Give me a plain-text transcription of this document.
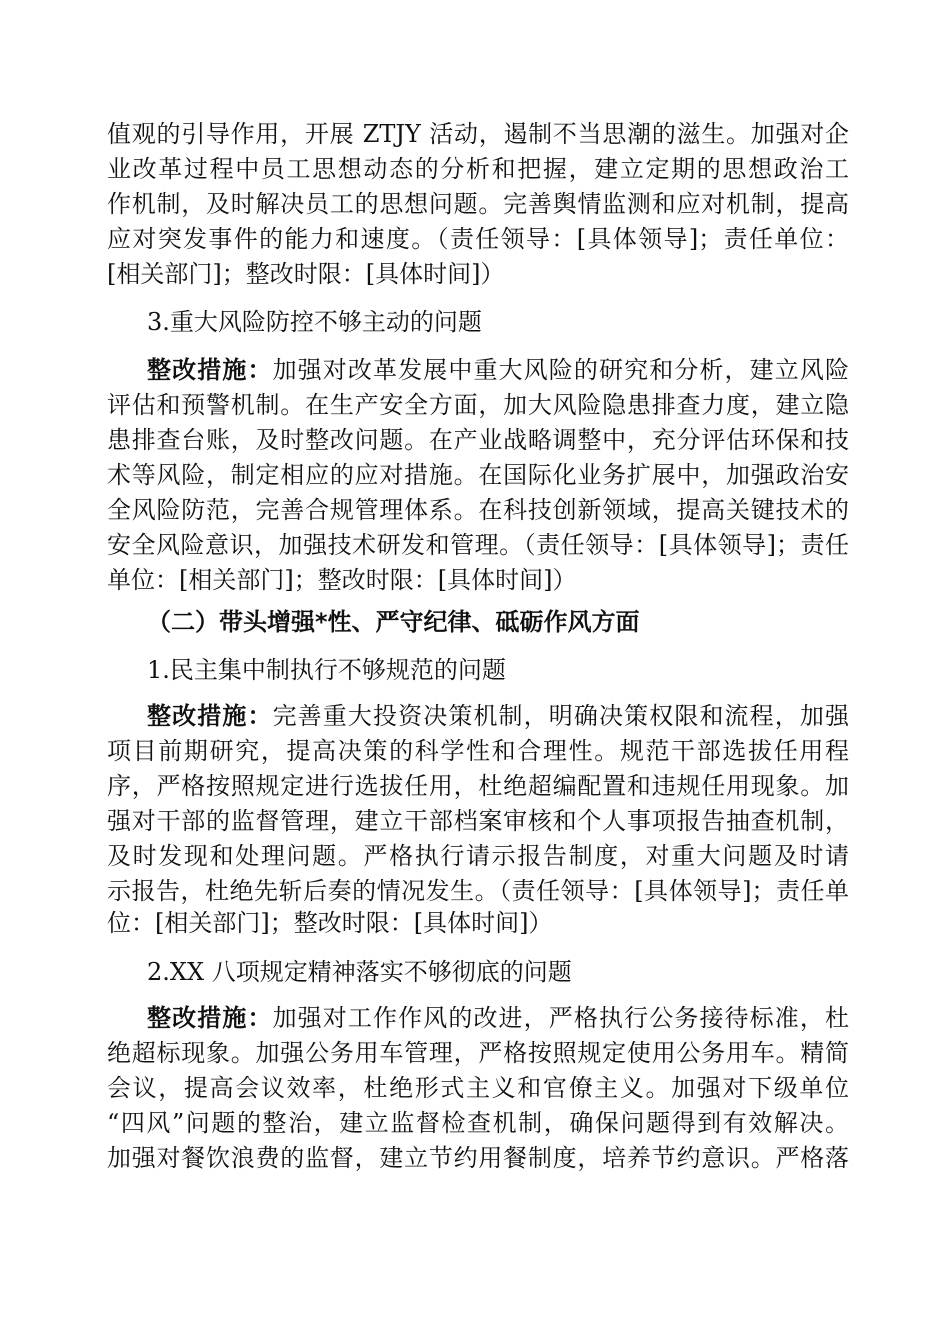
值观的引导作用，开展 ZTJY 活动，遏制不当思潮的滋生。加强对企
业改革过程中员工思想动态的分析和把握，建立定期的思想政治工
作机制，及时解决员工的思想问题。完善舆情监测和应对机制，提高
应对突发事件的能力和速度。（责任领导：[具体领导]；责任单位：
[相关部门]；整改时限：[具体时间]）
3.重大风险防控不够主动的问题
整改措施：加强对改革发展中重大风险的研究和分析，建立风险
评估和预警机制。在生产安全方面，加大风险隐患排查力度，建立隐
患排查台账，及时整改问题。在产业战略调整中，充分评估环保和技
术等风险，制定相应的应对措施。在国际化业务扩展中，加强政治安
全风险防范，完善合规管理体系。在科技创新领域，提高关键技术的
安全风险意识，加强技术研发和管理。（责任领导：[具体领导]；责任
单位：[相关部门]；整改时限：[具体时间]）
（二）带头增强*性、严守纪律、砥砺作风方面
1.民主集中制执行不够规范的问题
整改措施：完善重大投资决策机制，明确决策权限和流程，加强
项目前期研究，提高决策的科学性和合理性。规范干部选拔任用程
序，严格按照规定进行选拔任用，杜绝超编配置和违规任用现象。加
强对干部的监督管理，建立干部档案审核和个人事项报告抽查机制，
及时发现和处理问题。严格执行请示报告制度，对重大问题及时请
示报告，杜绝先斩后奏的情况发生。（责任领导：[具体领导]；责任单
位：[相关部门]；整改时限：[具体时间]）
2.XX 八项规定精神落实不够彻底的问题
整改措施：加强对工作作风的改进，严格执行公务接待标准，杜
绝超标现象。加强公务用车管理，严格按照规定使用公务用车。精简
会议，提高会议效率，杜绝形式主义和官僚主义。加强对下级单位
“四风”问题的整治，建立监督检查机制，确保问题得到有效解决。
加强对餐饮浪费的监督，建立节约用餐制度，培养节约意识。严格落
